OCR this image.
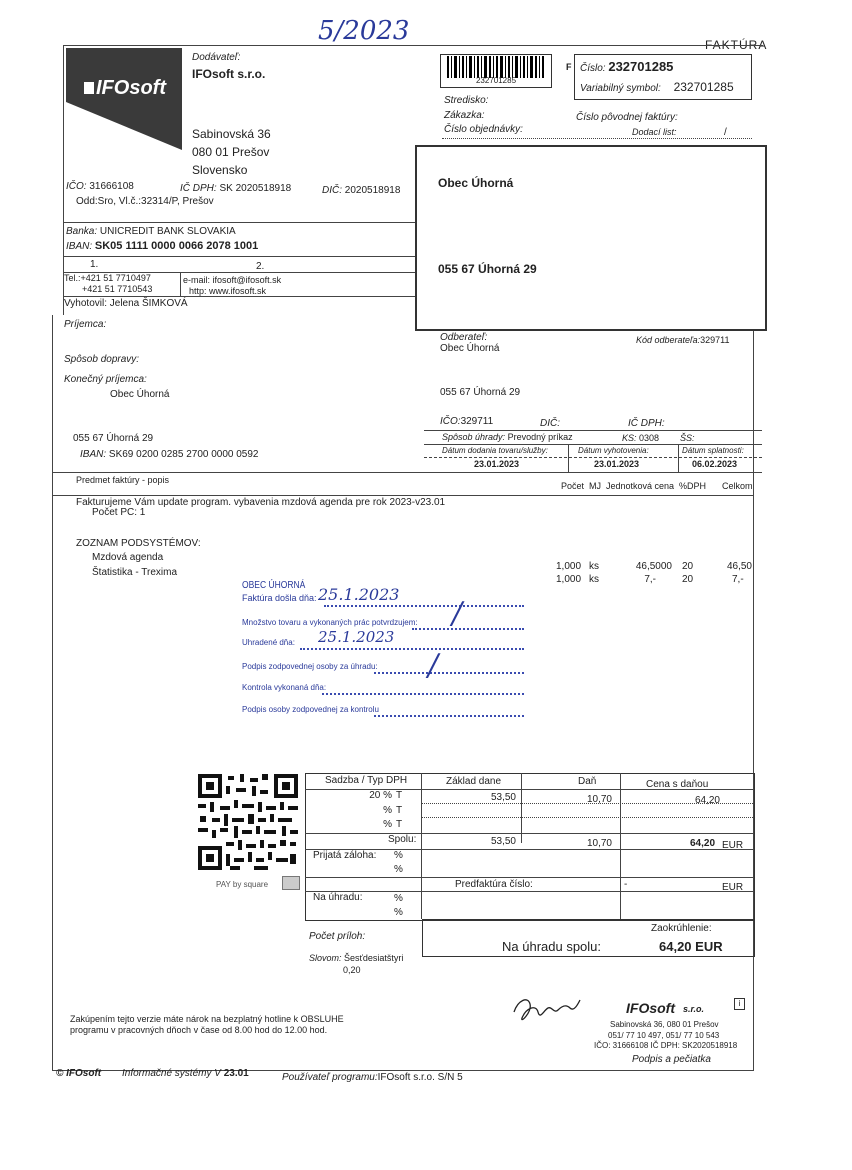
5/2023	FAKTÚRA
IFOsoft
Dodávateľ:
IFOsoft s.r.o.
Sabinovská 36
080 01 Prešov
Slovensko
IČO: 31666108	IČ DPH: SK 2020518918	DIČ: 2020518918
Odd:Sro, Vl.č.:32314/P, Prešov
Banka: UNICREDIT BANK SLOVAKIA
IBAN: SK05 1111 0000 0066 2078 1001
1.	2.
Tel.:+421 51 7710497
+421 51 7710543
e-mail: ifosoft@ifosoft.sk
http: www.ifosoft.sk
Vyhotovil: Jelena ŠIMKOVÁ
232701285
F Číslo: 232701285
Variabilný symbol: 232701285
Stredisko:
Zákazka:	Číslo pôvodnej faktúry:
Číslo objednávky:	Dodací list:	/
Obec Úhorná
055 67 Úhorná 29
Príjemca:
Spôsob dopravy:
Konečný príjemca:
Obec Úhorná
055 67 Úhorná 29
IBAN: SK69 0200 0285 2700 0000 0592
Odberateľ:
Obec Úhorná
Kód odberateľa:329711
055 67 Úhorná 29
IČO:329711	DIČ:	IČ DPH:
Spôsob úhrady: Prevodný príkaz	KS: 0308 ŠS:
Dátum dodania tovaru/služby:	Dátum vyhotovenia:	Dátum splatnosti:
23.01.2023	23.01.2023	06.02.2023
Predmet faktúry - popis
Počet MJ Jednotková cena %DPH Celkom
Fakturujeme Vám update program. vybavenia mzdová agenda pre rok 2023-v23.01
Počet PC: 1
ZOZNAM PODSYSTÉMOV:
Mzdová agenda
Štatistika - Trexima
1,000 ks	46,5000 20	46,50
1,000 ks	7,-	20	7,-
OBEC ÚHORNÁ
Faktúra došla dňa: 25.1.2023
Množstvo tovaru a vykonaných prác potvrdzujem: /
Uhradené dňa: 25.1.2023
Podpis zodpovednej osoby za úhradu: /
Kontrola vykonaná dňa:
Podpis osoby zodpovednej za kontrolu
PAY by square
Sadzba / Typ DPH	Základ dane	Daň	Cena s daňou
20 % T	53,50	10,70	64,20
% T
% T
Spolu:	53,50	10,70	64,20 EUR
Prijatá záloha: %
%
Predfaktúra číslo:	-	EUR
Na úhradu:	%
%
Zaokrúhlenie:
Na úhradu spolu:	64,20 EUR
Počet príloh:
Slovom: Šesťdesiatštyri
0,20
Zakúpením tejto verzie máte nárok na bezplatný hotline k OBSLUHE programu v pracovných dňoch v čase od 8.00 hod do 12.00 hod.
IFOsoft s.r.o.
i
Sabinovská 36, 080 01 Prešov
051/ 77 10 497, 051/ 77 10 543
IČO: 31666108 IČ DPH: SK2020518918
Podpis a pečiatka
© IFOsoft Informačné systémy V 23.01	Používateľ programu:IFOsoft s.r.o. S/N 5
